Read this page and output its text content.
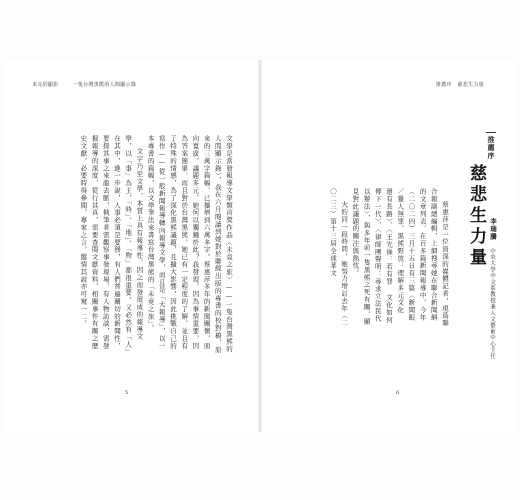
未完的顯影	一隻台灣黑熊的人間顯示錄

文學是當發報導文學類首獎作品〈未竟之旅〉——一隻台灣黑熊的人間顯示錄〉，我在六月閱讀到她對於聯經出版的專書的校對稿，原來的三萬字篇幅，已擴增到六萬多字。蔡惠萍多年的新聞關懷，面向寬廣，議題多元，她何以獨鍾於此？我發現，因為事情重要，因為答案簡單，而且對於台灣黑熊，她已有一定程度的了解，並且有了特殊的情感，為了深化黑熊議題，且擴大影響，因此挑戰自己的寫作——從一般新聞報導轉向報導文學，而且是「大報導」，以一本專書的篇幅，以文學筆法來書寫台灣黑熊的「未竟之旅」。

文字乃至文學，本質上具有報導性，因之而發展成的報導文學，以「事」為主，「時」、「地」、「物」都很重要，又必然有「人」在其中，進一步說，人事必須是要務，有人們普遍關切的新聞性，要探其事之來龍去脈，執筆者需觀察事發現場，有人物訪談，需發掘報導的深度，從行其真，需要查閱文獻資料，相關事件有關之歷史文獻，必要時得參閱，專家之言，縱情其說亦可窺一二。

5
推薦序 慈悲生力量
推薦序
慈悲生力量 李瑞騰
中央大學中文系教授兼人文藝術中心主任

蔡惠萍是一位資深的媒體記者，現爲聯合報副總編輯，上網搜尋她在聯合新聞網的文章列表，在百多篇新聞報導中，今年（二〇二四）三月十五日有三篇〈新聞眼／獵人無罪，黑熊野放：理解多元文化 還有長路〉、〈王光祿：若有罪 文化如何傳下一代〉、〈律師團聲明：尋求立法民代以辦法〉，與多年前一隻黑熊之死有關，顯見對此議題的關注與熱忱。

大約同一段時間，她努力增訂去年（二〇二三）第十三屆全球華文

6
